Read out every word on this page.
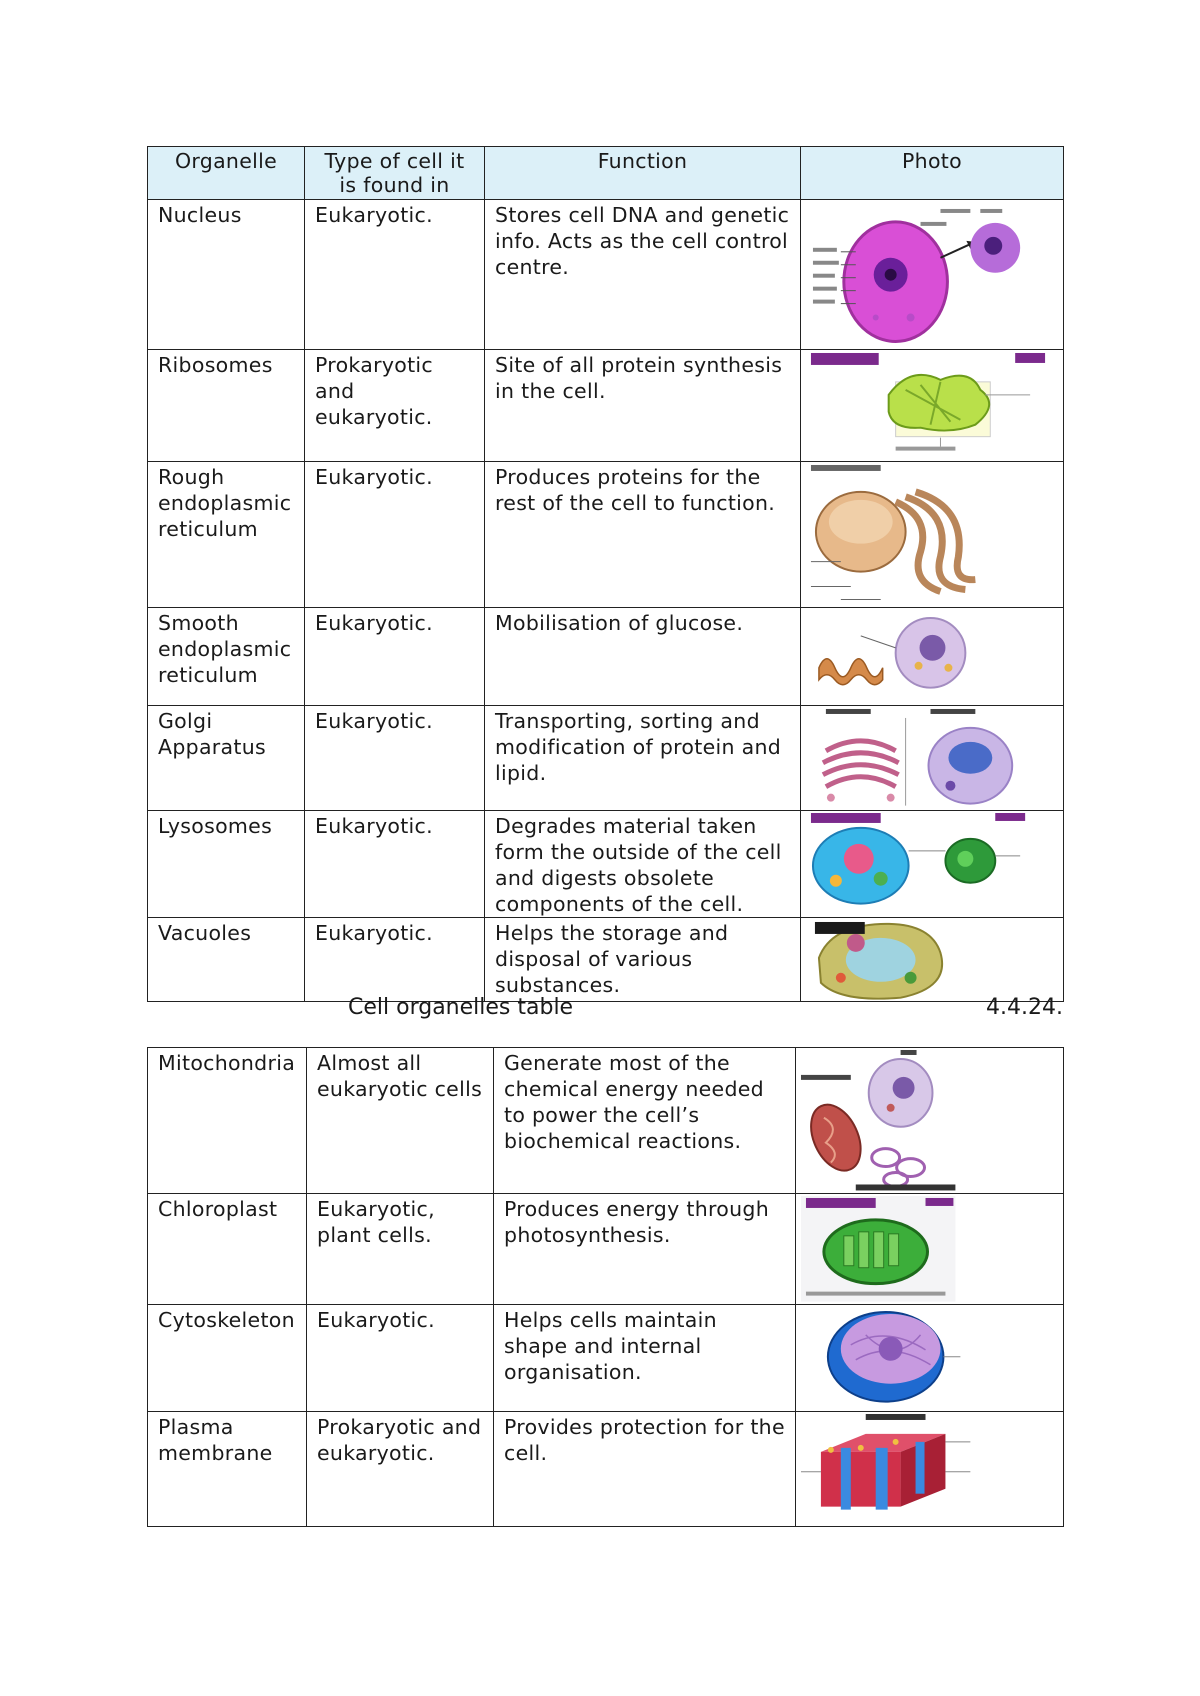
Organelle	Type of cell it is found in	Function	Photo
Nucleus	Eukaryotic.	Stores cell DNA and genetic info. Acts as the cell control centre.	

Ribosomes	Prokaryotic and eukaryotic.	Site of all protein synthesis in the cell.	

Rough endoplasmic reticulum	Eukaryotic.	Produces proteins for the rest of the cell to function.	

Smooth endoplasmic reticulum	Eukaryotic.	Mobilisation of glucose.	

Golgi Apparatus	Eukaryotic.	Transporting, sorting and modification of protein and lipid.	

Lysosomes	Eukaryotic.	Degrades material taken form the outside of the cell and digests obsolete components of the cell.	

Vacuoles	Eukaryotic.	Helps the storage and disposal of various substances.	
Cell organelles table	4.4.24.
Mitochondria	Almost all eukaryotic cells	Generate most of the chemical energy needed to power the cell’s biochemical reactions.	

Chloroplast	Eukaryotic, plant cells.	Produces energy through photosynthesis.	

Cytoskeleton	Eukaryotic.	Helps cells maintain shape and internal organisation.	

Plasma membrane	Prokaryotic and eukaryotic.	Provides protection for the cell.	
